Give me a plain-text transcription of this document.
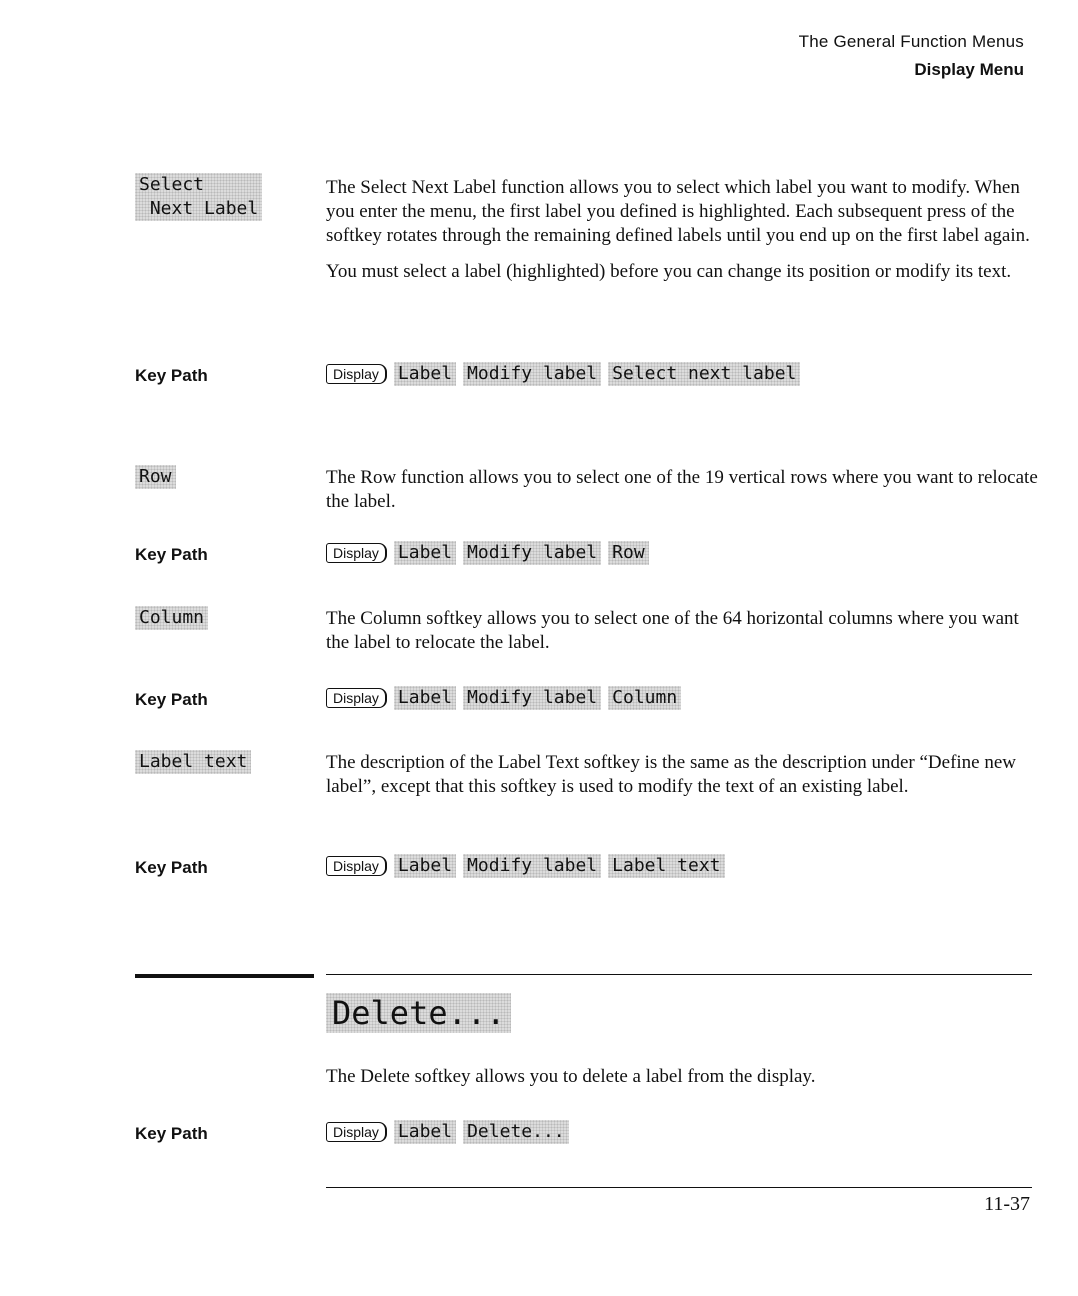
The General Function Menus
Display Menu
Select
Next Label

The Select Next Label function allows you to select which label you want to modify. When you enter the menu, the first label you defined is highlighted. Each subsequent press of the softkey rotates through the remaining defined labels until you end up on the first label again.

You must select a label (highlighted) before you can change its position or modify its text.

Key Path	Display	Label Modify label Select next label
Row	The Row function allows you to select one of the 19 vertical rows where you want to relocate the label.

Key Path	Display	Label Modify label Row
Column	The Column softkey allows you to select one of the 64 horizontal columns where you want the label to relocate the label.

Key Path	Display	Label Modify label Column
Label text	The description of the Label Text softkey is the same as the description under “Define new label”, except that this softkey is used to modify the text of an existing label.

Key Path	Display	Label Modify label Label text
Delete...

The Delete softkey allows you to delete a label from the display.

Key Path	Display	Label Delete...
11-37
